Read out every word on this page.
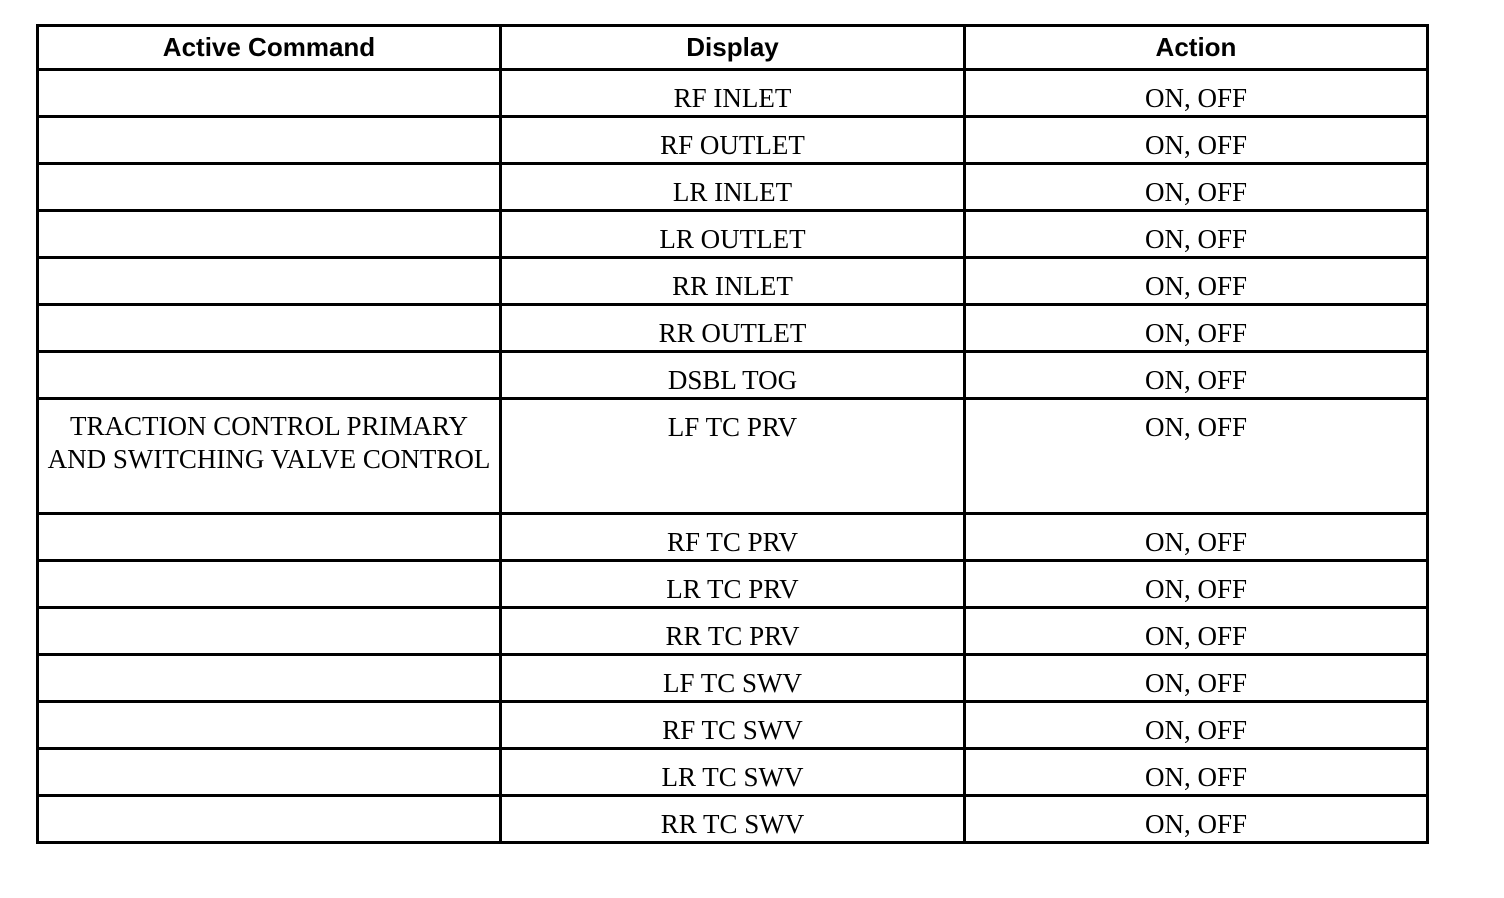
Active Command	Display	Action
	RF INLET	ON, OFF
	RF OUTLET	ON, OFF
	LR INLET	ON, OFF
	LR OUTLET	ON, OFF
	RR INLET	ON, OFF
	RR OUTLET	ON, OFF
	DSBL TOG	ON, OFF
TRACTION CONTROL PRIMARY AND SWITCHING VALVE CONTROL	LF TC PRV	ON, OFF
	RF TC PRV	ON, OFF
	LR TC PRV	ON, OFF
	RR TC PRV	ON, OFF
	LF TC SWV	ON, OFF
	RF TC SWV	ON, OFF
	LR TC SWV	ON, OFF
	RR TC SWV	ON, OFF
